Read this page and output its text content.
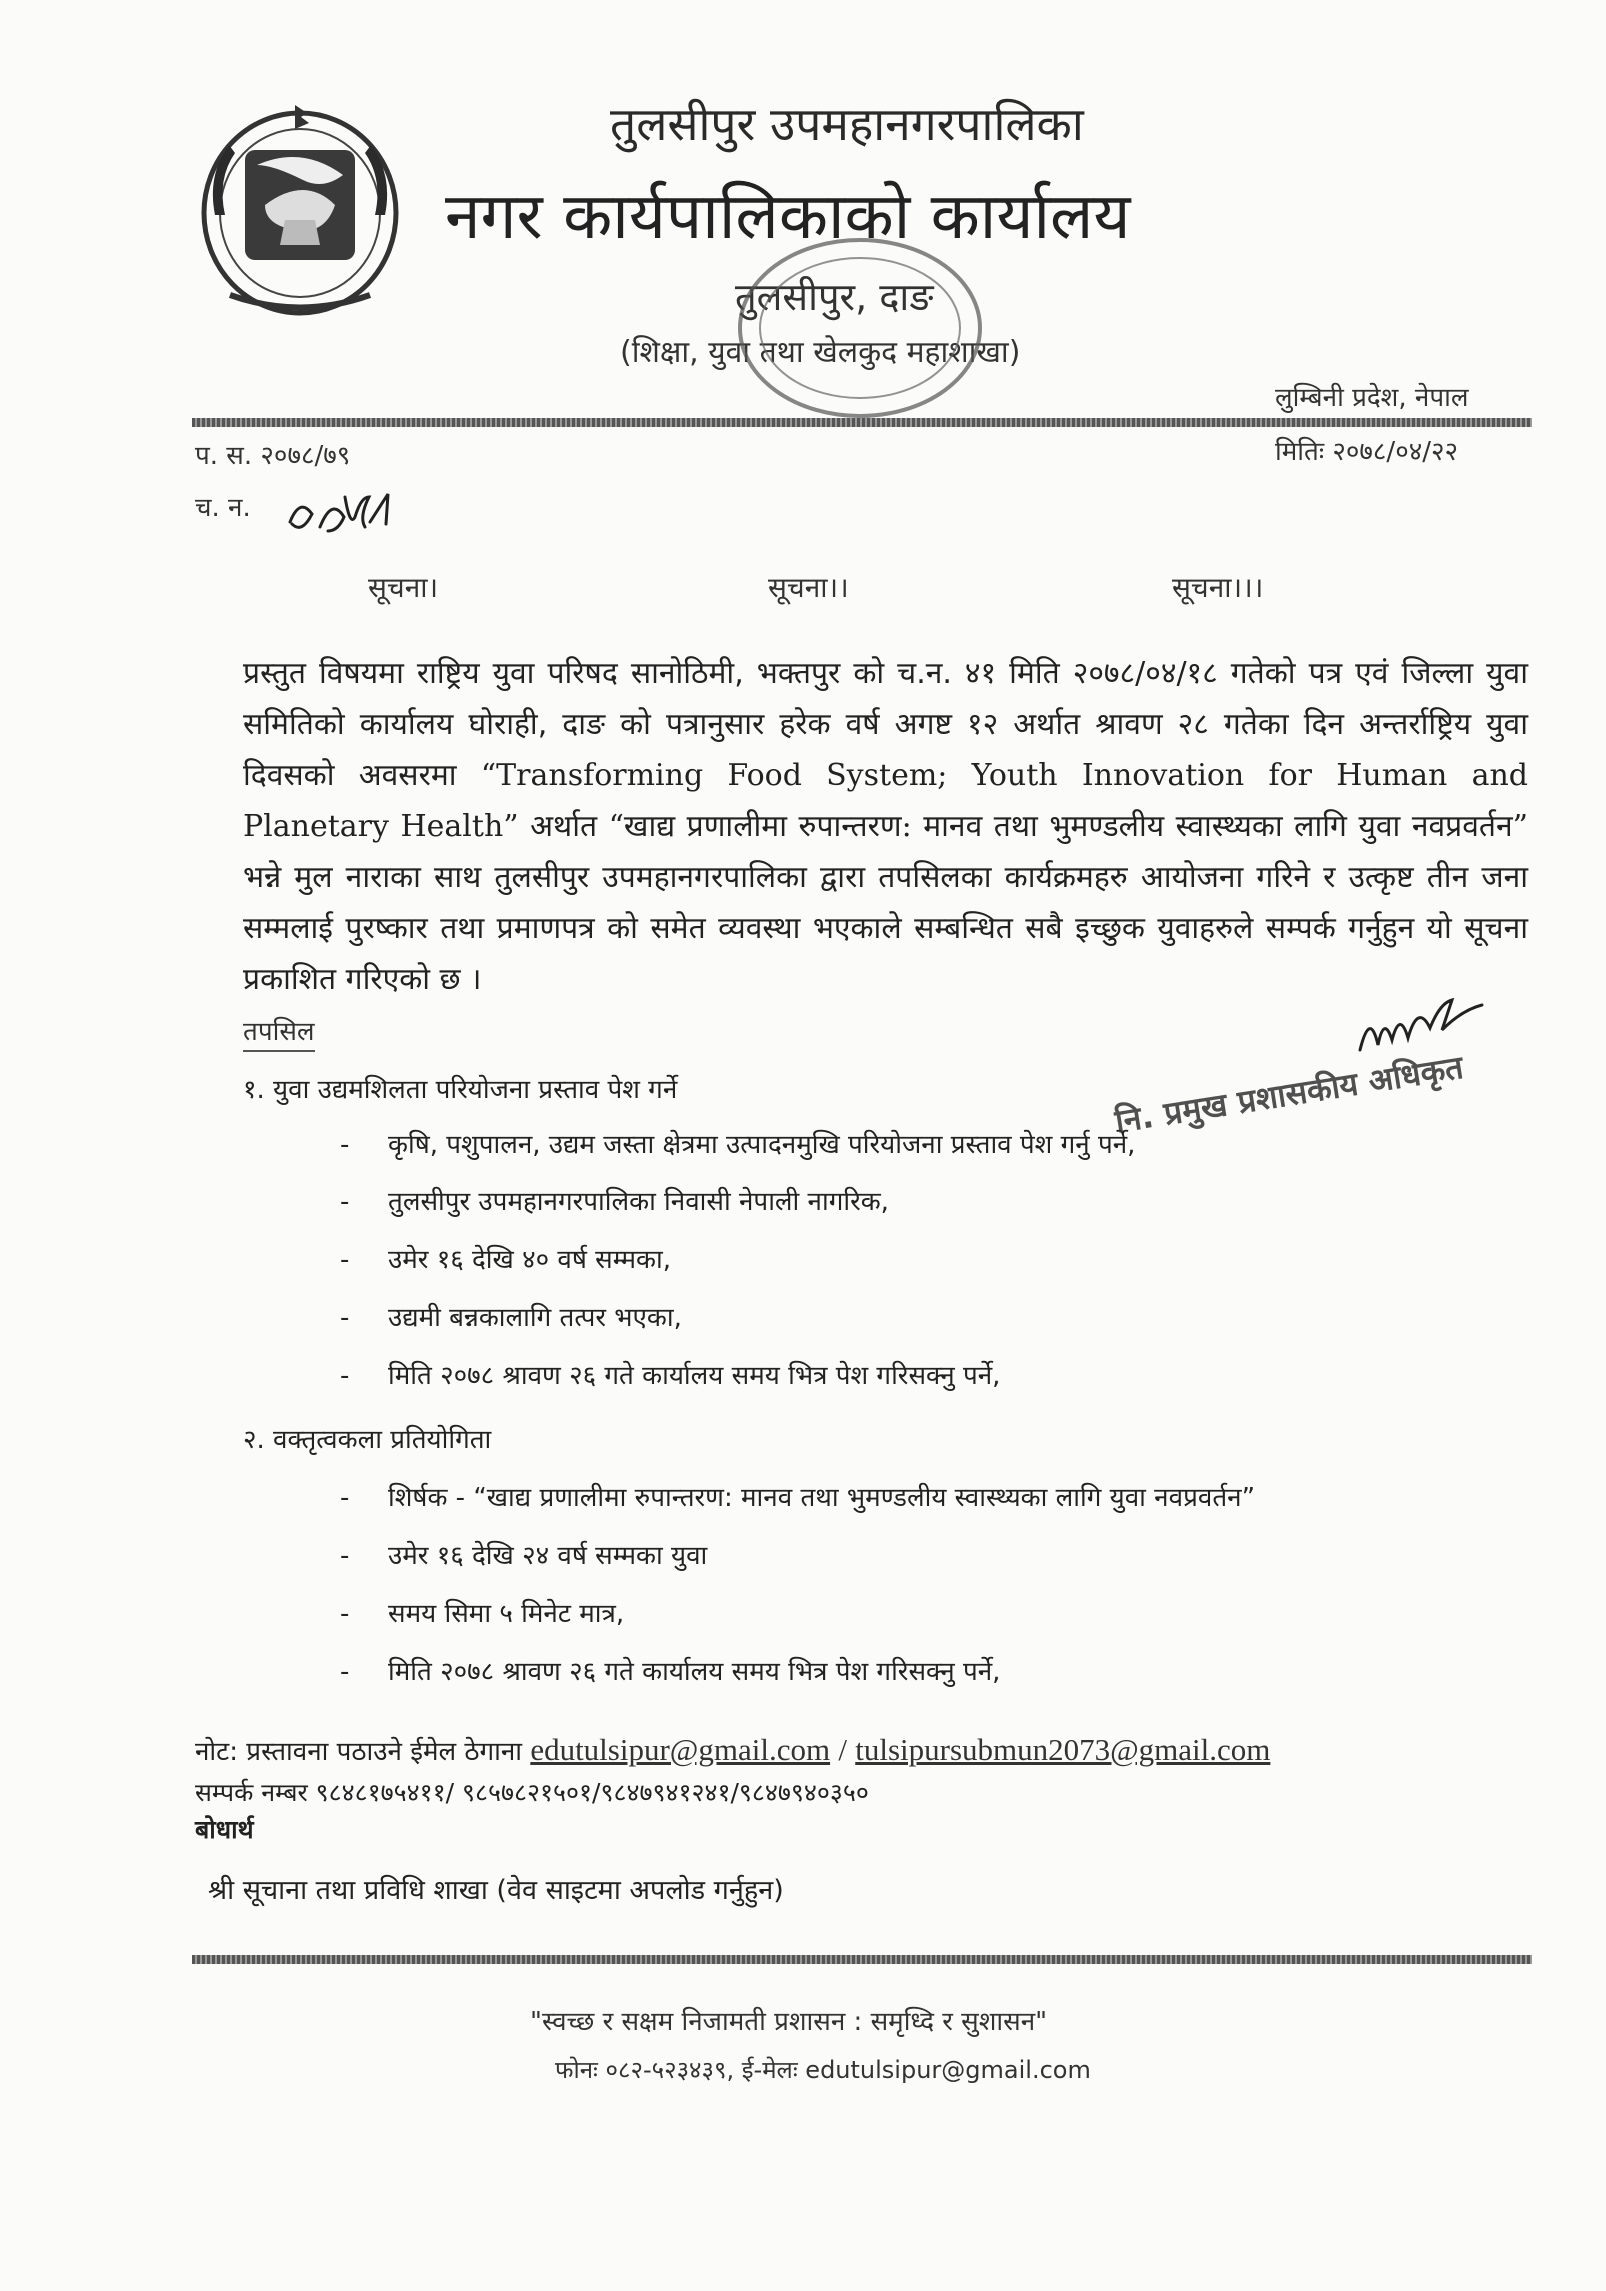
तुलसीपुर उपमहानगरपालिका
नगर कार्यपालिकाको कार्यालय
तुलसीपुर, दाङ
(शिक्षा, युवा तथा खेलकुद महाशाखा)
लुम्बिनी प्रदेश, नेपाल
प. स. २०७८/७९
च. न.
मितिः २०७८/०४/२२
सूचना।	सूचना।।	सूचना।।।
प्रस्तुत विषयमा राष्ट्रिय युवा परिषद सानोठिमी, भक्तपुर को च.न. ४१ मिति २०७८/०४/१८ गतेको पत्र एवं जिल्ला युवा
समितिको कार्यालय घोराही, दाङ को पत्रानुसार हरेक वर्ष अगष्ट १२ अर्थात श्रावण २८ गतेका दिन अन्तर्राष्ट्रिय युवा
दिवसको अवसरमा “Transforming Food System; Youth Innovation for Human and
Planetary Health” अर्थात “खाद्य प्रणालीमा रुपान्तरण: मानव तथा भुमण्डलीय स्वास्थ्यका लागि युवा नवप्रवर्तन”
भन्ने मुल नाराका साथ तुलसीपुर उपमहानगरपालिका द्वारा तपसिलका कार्यक्रमहरु आयोजना गरिने र उत्कृष्ट तीन जना
सम्मलाई पुरष्कार तथा प्रमाणपत्र को समेत व्यवस्था भएकाले सम्बन्धित सबै इच्छुक युवाहरुले सम्पर्क गर्नुहुन यो सूचना
प्रकाशित गरिएको छ ।
तपसिल
१. युवा उद्यमशिलता परियोजना प्रस्ताव पेश गर्ने
- कृषि, पशुपालन, उद्यम जस्ता क्षेत्रमा उत्पादनमुखि परियोजना प्रस्ताव पेश गर्नु पर्ने,
- तुलसीपुर उपमहानगरपालिका निवासी नेपाली नागरिक,
- उमेर १६ देखि ४० वर्ष सम्मका,
- उद्यमी बन्नकालागि तत्पर भएका,
- मिति २०७८ श्रावण २६ गते कार्यालय समय भित्र पेश गरिसक्नु पर्ने,
नि. प्रमुख प्रशासकीय अधिकृत
२. वक्तृत्वकला प्रतियोगिता
- शिर्षक - “खाद्य प्रणालीमा रुपान्तरण: मानव तथा भुमण्डलीय स्वास्थ्यका लागि युवा नवप्रवर्तन”
- उमेर १६ देखि २४ वर्ष सम्मका युवा
- समय सिमा ५ मिनेट मात्र,
- मिति २०७८ श्रावण २६ गते कार्यालय समय भित्र पेश गरिसक्नु पर्ने,
नोट: प्रस्तावना पठाउने ईमेल ठेगाना edutulsipur@gmail.com / tulsipursubmun2073@gmail.com
सम्पर्क नम्बर ९८४८१७५४११/ ९८५७८२१५०१/९८४७९४१२४१/९८४७९४०३५०
बोधार्थ
श्री सूचाना तथा प्रविधि शाखा (वेव साइटमा अपलोड गर्नुहुन)
"स्वच्छ र सक्षम निजामती प्रशासन : समृध्दि र सुशासन"
फोनः ०८२-५२३४३९, ई-मेलः edutulsipur@gmail.com
